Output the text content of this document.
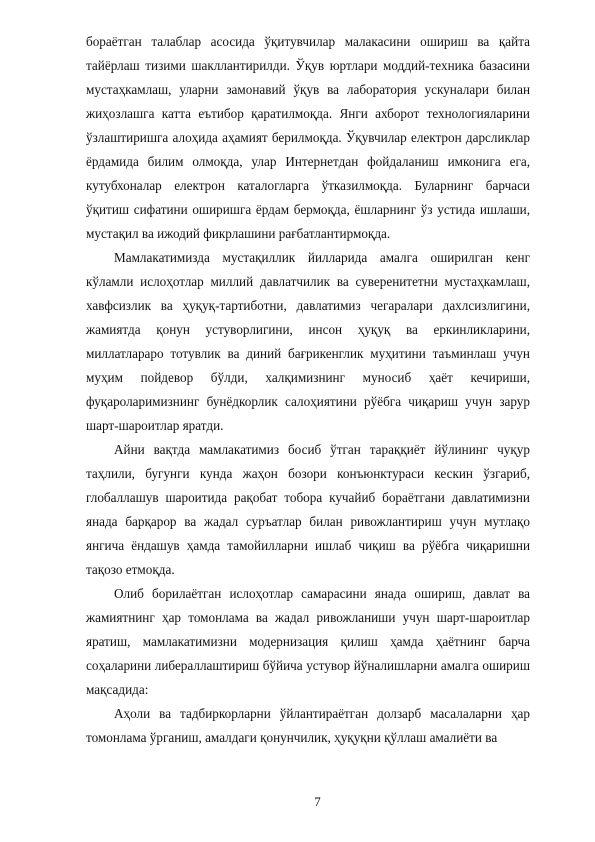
бораётган талаблар асосида ўқитувчилар малакасини ошириш ва қайта тайёрлаш тизими шакллантирилди. Ўқув юртлари моддий-техника базасини мустаҳкамлаш, уларни замонавий ўқув ва лаборатория ускуналари билан жиҳозлашга катта eътибор қаратилмоқда. Янги ахборот технологияларини ўзлаштиришга алоҳида аҳамият берилмоқда. Ўқувчилар електрон дарсликлар ёрдамида билим олмоқда, улар Интернетдан фойдаланиш имконига ега, кутубхоналар електрон каталогларга ўтказилмоқда. Буларнинг барчаси ўқитиш сифатини оширишга ёрдам бермоқда, ёшларнинг ўз устида ишлаши, мустақил ва ижодий фикрлашини рағбатлантирмоқда.

Мамлакатимизда мустақиллик йилларида амалга оширилган кенг кўламли ислоҳотлар миллий давлатчилик ва суверенитетни мустаҳкамлаш, хавфсизлик ва ҳуқуқ-тартиботни, давлатимиз чегаралари дахлсизлигини, жамиятда қонун устуворлигини, инсон ҳуқуқ ва еркинликларини, миллатлараро тотувлик ва диний бағрикенглик муҳитини таъминлаш учун муҳим пойдевор бўлди, халқимизнинг муносиб ҳаёт кечириши, фуқароларимизнинг бунёдкорлик салоҳиятини рўёбга чиқариш учун зарур шарт-шароитлар яратди.

Айни вақтда мамлакатимиз босиб ўтган тараққиёт йўлининг чуқур таҳлили, бугунги кунда жаҳон бозори конъюнктураси кескин ўзгариб, глобаллашув шароитида рақобат тобора кучайиб бораётгани давлатимизни янада барқарор ва жадал суръатлар билан ривожлантириш учун мутлақо янгича ёндашув ҳамда тамойилларни ишлаб чиқиш ва рўёбга чиқаришни тақозо етмоқда.

Олиб борилаётган ислоҳотлар самарасини янада ошириш, давлат ва жамиятнинг ҳар томонлама ва жадал ривожланиши учун шарт-шароитлар яратиш, мамлакатимизни модернизация қилиш ҳамда ҳаётнинг барча соҳаларини либераллаштириш бўйича устувор йўналишларни амалга ошириш мақсадида:

Аҳоли ва тадбиркорларни ўйлантираётган долзарб масалаларни ҳар томонлама ўрганиш, амалдаги қонунчилик, ҳуқуқни қўллаш амалиёти ва

7
